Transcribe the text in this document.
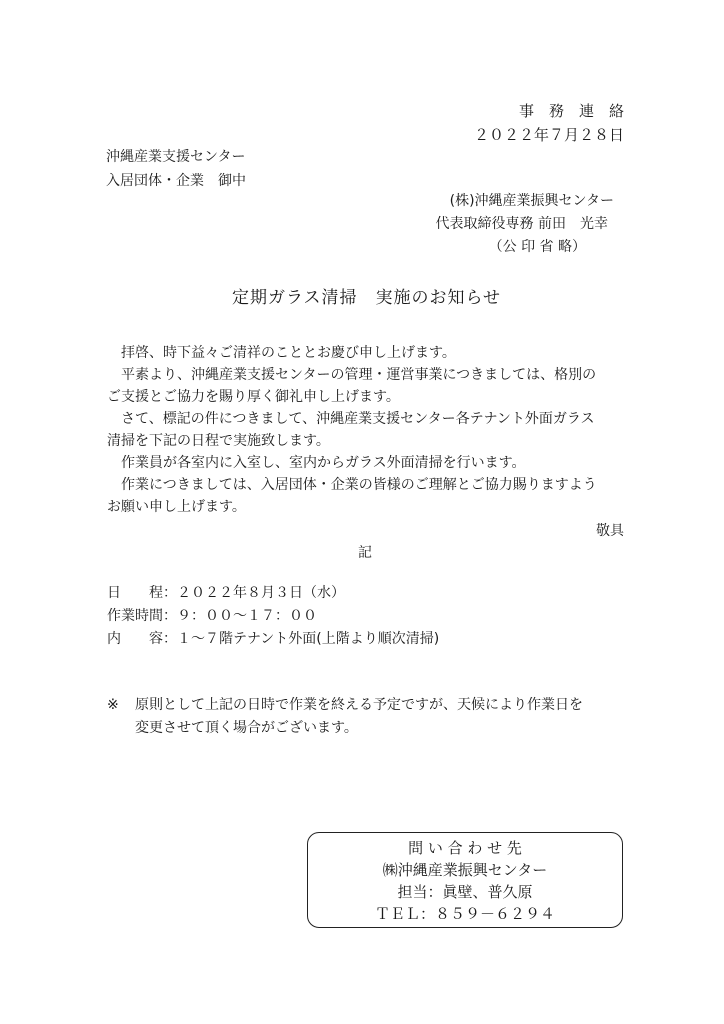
事　務　連　絡
２０２２年７月２８日
沖縄産業支援センター
入居団体・企業　御中
(株)沖縄産業振興センター
代表取締役専務 前田　光幸
（公 印 省 略）
定期ガラス清掃　実施のお知らせ
拝啓、時下益々ご清祥のこととお慶び申し上げます。
平素より、沖縄産業支援センターの管理・運営事業につきましては、格別の
ご支援とご協力を賜り厚く御礼申し上げます。
さて、標記の件につきまして、沖縄産業支援センター各テナント外面ガラス
清掃を下記の日程で実施致します。
作業員が各室内に入室し、室内からガラス外面清掃を行います。
作業につきましては、入居団体・企業の皆様のご理解とご協力賜りますよう
お願い申し上げます。
敬具
記
日　　程：２０２２年８月３日（水）
作業時間：９：００〜１７：００
内　　容：１〜７階テナント外面(上階より順次清掃)
※ 原則として上記の日時で作業を終える予定ですが、天候により作業日を
変更させて頂く場合がございます。
問 い 合 わ せ 先
㈱沖縄産業振興センター
担当：眞壁、普久原
ＴＥＬ：８５９－６２９４
